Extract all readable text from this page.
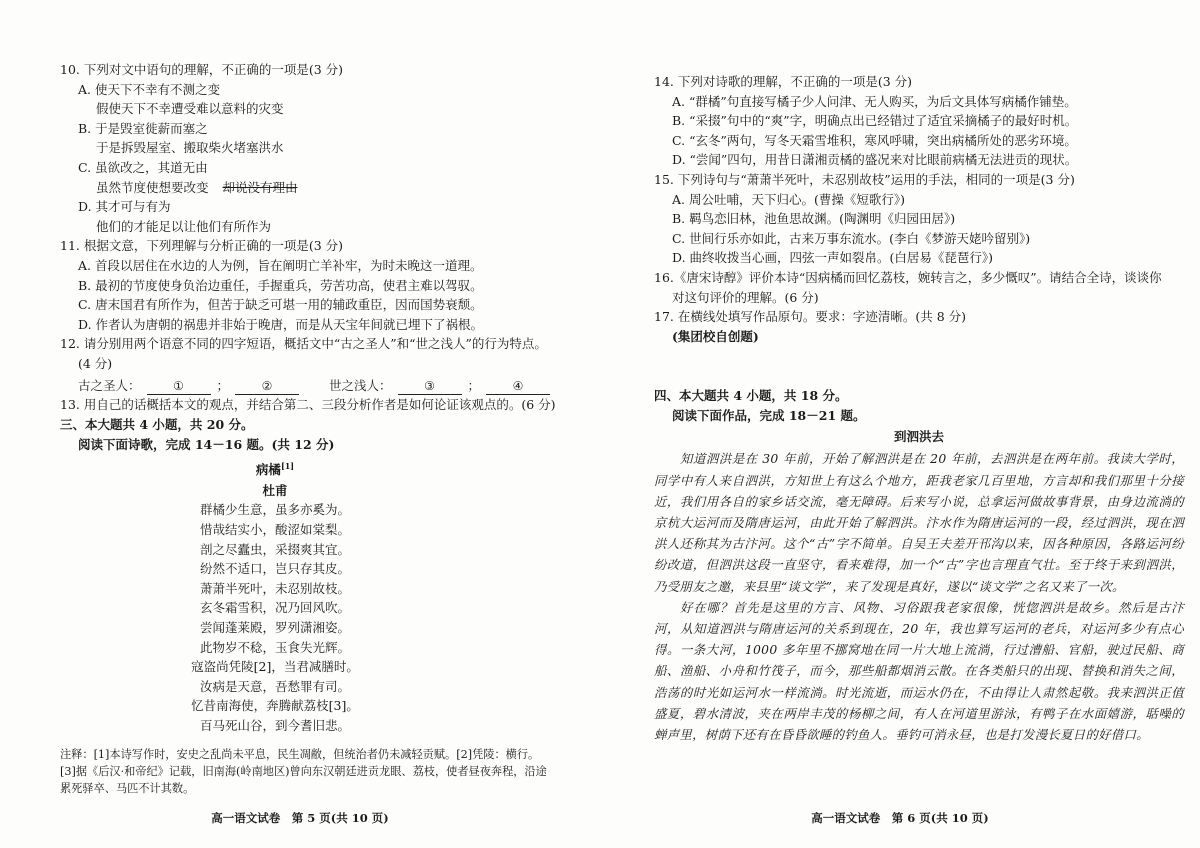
10. 下列对文中语句的理解，不正确的一项是(3 分)
A. 使天下不幸有不测之变
假使天下不幸遭受难以意料的灾变
B. 于是毁室徙薪而塞之
于是拆毁屋室、搬取柴火堵塞洪水
C. 虽欲改之，其道无由
虽然节度使想要改变 却说没有理由
D. 其才可与有为
他们的才能足以让他们有所作为
11. 根据文意，下列理解与分析正确的一项是(3 分)
A. 首段以居住在水边的人为例，旨在阐明亡羊补牢，为时未晚这一道理。
B. 最初的节度使身负治边重任，手握重兵，劳苦功高，使君主难以驾驭。
C. 唐末国君有所作为，但苦于缺乏可堪一用的辅政重臣，因而国势衰颓。
D. 作者认为唐朝的祸患并非始于晚唐，而是从天宝年间就已埋下了祸根。
12. 请分别用两个语意不同的四字短语，概括文中“古之圣人”和“世之浅人”的行为特点。
(4 分)
古之圣人：	①	；	②	世之浅人：	③	；	④
13. 用自己的话概括本文的观点，并结合第二、三段分析作者是如何论证该观点的。(6 分)
三、本大题共 4 小题，共 20 分。
阅读下面诗歌，完成 14－16 题。(共 12 分)
病橘[1]
杜甫
群橘少生意，虽多亦奚为。
惜哉结实小，酸涩如棠梨。
剖之尽蠹虫，采掇爽其宜。
纷然不适口，岂只存其皮。
萧萧半死叶，未忍别故枝。
玄冬霜雪积，况乃回风吹。
尝闻蓬莱殿，罗列潇湘姿。
此物岁不稔，玉食失光辉。
寇盗尚凭陵[2]，当君减膳时。
汝病是天意，吾愁罪有司。
忆昔南海使，奔腾献荔枝[3]。
百马死山谷，到今耆旧悲。
注释：[1]本诗写作时，安史之乱尚未平息，民生凋敝，但统治者仍未减轻贡赋。[2]凭陵：横行。[3]据《后汉·和帝纪》记载，旧南海(岭南地区)曾向东汉朝廷进贡龙眼、荔枝，使者昼夜奔程，沿途累死驿卒、马匹不计其数。
高一语文试卷　第 5 页(共 10 页)
14. 下列对诗歌的理解，不正确的一项是(3 分)
A. “群橘”句直接写橘子少人问津、无人购买，为后文具体写病橘作铺垫。
B. “采掇”句中的“爽”字，明确点出已经错过了适宜采摘橘子的最好时机。
C. “玄冬”两句，写冬天霜雪堆积，寒风呼啸，突出病橘所处的恶劣环境。
D. “尝闻”四句，用昔日潇湘贡橘的盛况来对比眼前病橘无法进贡的现状。
15. 下列诗句与“萧萧半死叶，未忍别故枝”运用的手法，相同的一项是(3 分)
A. 周公吐哺，天下归心。(曹操《短歌行》)
B. 羁鸟恋旧林，池鱼思故渊。(陶渊明《归园田居》)
C. 世间行乐亦如此，古来万事东流水。(李白《梦游天姥吟留别》)
D. 曲终收拨当心画，四弦一声如裂帛。(白居易《琵琶行》)
16.《唐宋诗醇》评价本诗“因病橘而回忆荔枝，婉转言之，多少慨叹”。请结合全诗，谈谈你
对这句评价的理解。(6 分)
17. 在横线处填写作品原句。要求：字迹清晰。(共 8 分)
(集团校自创题)
四、本大题共 4 小题，共 18 分。
阅读下面作品，完成 18－21 题。
到泗洪去

知道泗洪是在 30 年前，开始了解泗洪是在 20 年前，去泗洪是在两年前。我读大学时，同学中有人来自泗洪，方知世上有这么个地方，距我老家几百里地，方言却和我们那里十分接近，我们用各自的家乡话交流，毫无障碍。后来写小说，总拿运河做故事背景，由身边流淌的京杭大运河而及隋唐运河，由此开始了解泗洪。汴水作为隋唐运河的一段，经过泗洪，现在泗洪人还称其为古汴河。这个“古”字不简单。自吴王夫差开邗沟以来，因各种原因，各路运河纷纷改道，但泗洪这段一直坚守，看来难得，加一个“古”字也言理直气壮。至于终于来到泗洪，乃受朋友之邀，来县里“谈文学”，来了发现是真好，遂以“谈文学”之名又来了一次。

好在哪？首先是这里的方言、风物、习俗跟我老家很像，恍惚泗洪是故乡。然后是古汴河，从知道泗洪与隋唐运河的关系到现在，20 年，我也算写运河的老兵，对运河多少有点心得。一条大河，1000 多年里不挪窝地在同一片大地上流淌，行过漕船、官船，驶过民船、商船、渔船、小舟和竹筏子，而今，那些船都烟消云散。在各类船只的出现、替换和消失之间，浩荡的时光如运河水一样流淌。时光流逝，而运水仍在，不由得让人肃然起敬。我来泗洪正值盛夏，碧水清波，夹在两岸丰茂的杨柳之间，有人在河道里游泳，有鸭子在水面嬉游，聒噪的蝉声里，树荫下还有在昏昏欲睡的钓鱼人。垂钓可消永昼，也是打发漫长夏日的好借口。

高一语文试卷　第 6 页(共 10 页)
